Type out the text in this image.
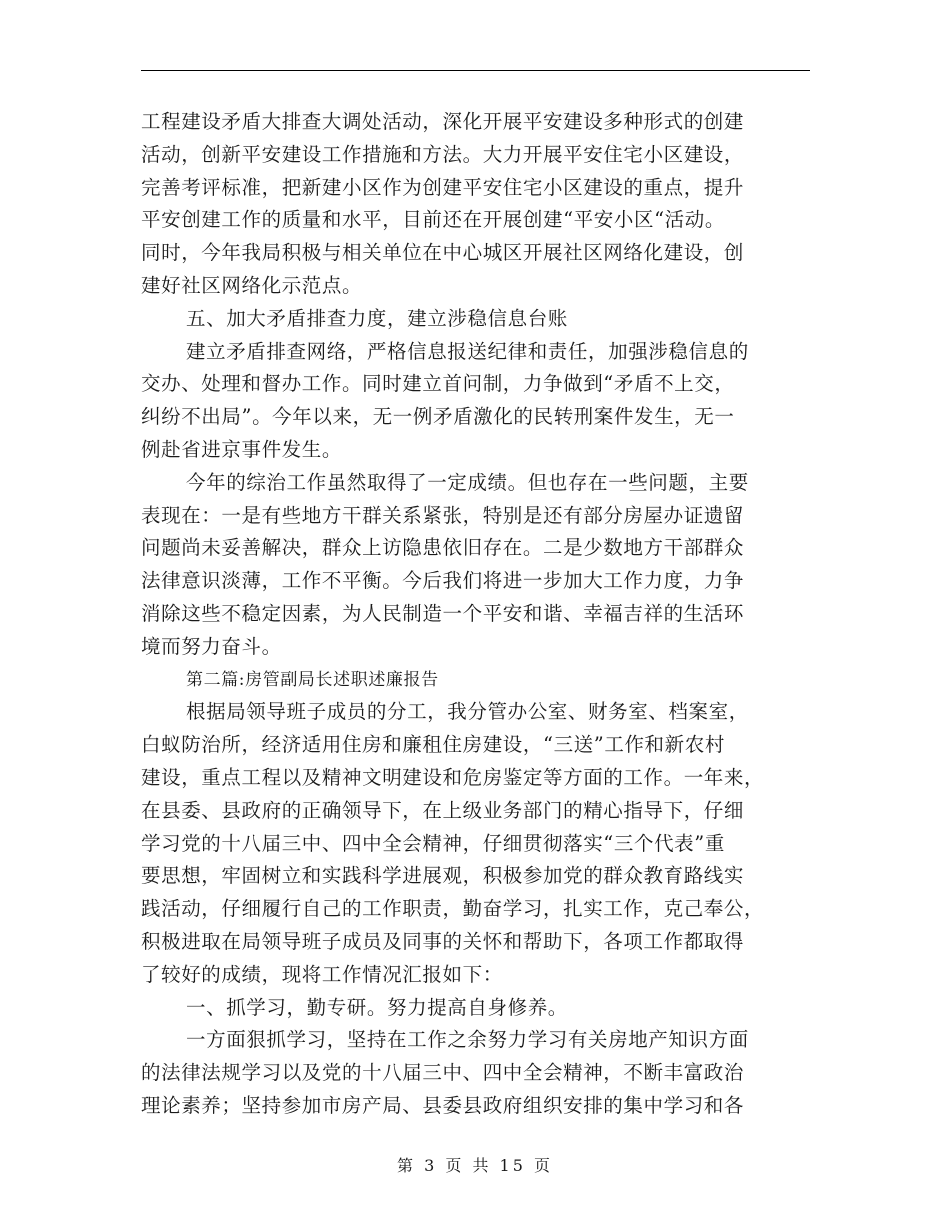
工程建设矛盾大排查大调处活动，深化开展平安建设多种形式的创建
活动，创新平安建设工作措施和方法。大力开展平安住宅小区建设，
完善考评标准，把新建小区作为创建平安住宅小区建设的重点，提升
平安创建工作的质量和水平，目前还在开展创建“平安小区“活动。
同时，今年我局积极与相关单位在中心城区开展社区网络化建设，创
建好社区网络化示范点。
五、加大矛盾排查力度，建立涉稳信息台账
建立矛盾排查网络，严格信息报送纪律和责任，加强涉稳信息的
交办、处理和督办工作。同时建立首问制，力争做到“矛盾不上交，
纠纷不出局”。今年以来，无一例矛盾激化的民转刑案件发生，无一
例赴省进京事件发生。
今年的综治工作虽然取得了一定成绩。但也存在一些问题，主要
表现在：一是有些地方干群关系紧张，特别是还有部分房屋办证遗留
问题尚未妥善解决，群众上访隐患依旧存在。二是少数地方干部群众
法律意识淡薄，工作不平衡。今后我们将进一步加大工作力度，力争
消除这些不稳定因素，为人民制造一个平安和谐、幸福吉祥的生活环
境而努力奋斗。
第二篇:房管副局长述职述廉报告
根据局领导班子成员的分工，我分管办公室、财务室、档案室，
白蚁防治所，经济适用住房和廉租住房建设，“三送”工作和新农村
建设，重点工程以及精神文明建设和危房鉴定等方面的工作。一年来，
在县委、县政府的正确领导下，在上级业务部门的精心指导下，仔细
学习党的十八届三中、四中全会精神，仔细贯彻落实“三个代表”重
要思想，牢固树立和实践科学进展观，积极参加党的群众教育路线实
践活动，仔细履行自己的工作职责，勤奋学习，扎实工作，克己奉公，
积极进取在局领导班子成员及同事的关怀和帮助下，各项工作都取得
了较好的成绩，现将工作情况汇报如下：
一、抓学习，勤专研。努力提高自身修养。
一方面狠抓学习，坚持在工作之余努力学习有关房地产知识方面
的法律法规学习以及党的十八届三中、四中全会精神，不断丰富政治
理论素养；坚持参加市房产局、县委县政府组织安排的集中学习和各
第 3 页 共 15 页
